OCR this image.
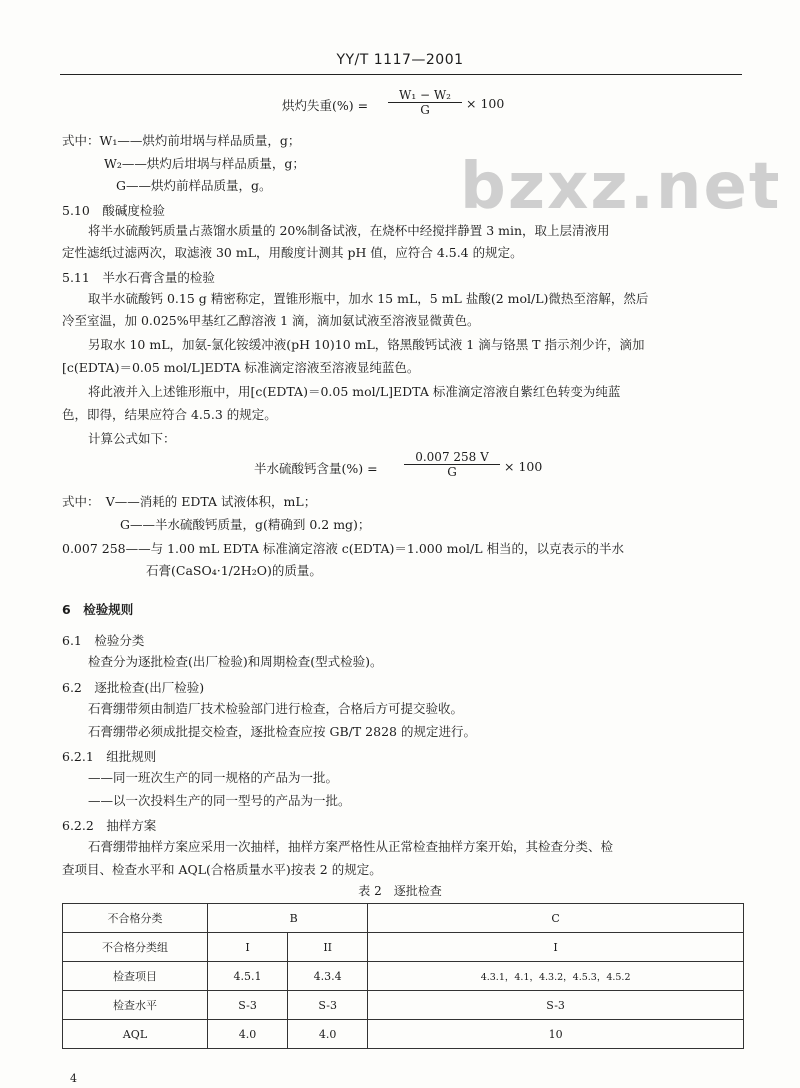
YY/T 1117—2001
bzxz.net
烘灼失重(%) = $\frac{\text{W₁ − W₂}}{G} \times 100$
式中：W₁——烘灼前坩埚与样品质量，g；
W₂——烘灼后坩埚与样品质量，g；
G——烘灼前样品质量，g。
5.10　酸碱度检验
将半水硫酸钙质量占蒸馏水质量的 20%制备试液，在烧杯中经搅拌静置 3 min，取上层清液用
定性滤纸过滤两次，取滤液 30 mL，用酸度计测其 pH 值，应符合 4.5.4 的规定。
5.11　半水石膏含量的检验
取半水硫酸钙 0.15 g 精密称定，置锥形瓶中，加水 15 mL，5 mL 盐酸(2 mol/L)微热至溶解，然后
冷至室温，加 0.025%甲基红乙醇溶液 1 滴，滴加氨试液至溶液显微黄色。
另取水 10 mL，加氨-氯化铵缓冲液(pH 10)10 mL，铬黑酸钙试液 1 滴与铬黑 T 指示剂少许，滴加
[c(EDTA)＝0.05 mol/L]EDTA 标准滴定溶液至溶液显纯蓝色。
将此液并入上述锥形瓶中，用[c(EDTA)＝0.05 mol/L]EDTA 标准滴定溶液自紫红色转变为纯蓝
色，即得，结果应符合 4.5.3 的规定。
计算公式如下：
半水硫酸钙含量(%) = $\frac{0.007 258 V}{G} \times 100$
式中：　V——消耗的 EDTA 试液体积，mL；
G——半水硫酸钙质量，g(精确到 0.2 mg)；
0.007 258——与 1.00 mL EDTA 标准滴定溶液 c(EDTA)＝1.000 mol/L 相当的，以克表示的半水
石膏(CaSO₄·1/2H₂O)的质量。
6　检验规则
6.1　检验分类
检查分为逐批检查(出厂检验)和周期检查(型式检验)。
6.2　逐批检查(出厂检验)
石膏绷带须由制造厂技术检验部门进行检查，合格后方可提交验收。
石膏绷带必须成批提交检查，逐批检查应按 GB/T 2828 的规定进行。
6.2.1　组批规则
——同一班次生产的同一规格的产品为一批。
——以一次投料生产的同一型号的产品为一批。
6.2.2　抽样方案
石膏绷带抽样方案应采用一次抽样，抽样方案严格性从正常检查抽样方案开始，其检查分类、检
查项目、检查水平和 AQL(合格质量水平)按表 2 的规定。
表 2　逐批检查
不合格分类		B	C
不合格分类组	I	II	I
检查项目	4.5.1	4.3.4	4.3.1，4.1，4.3.2，4.5.3，4.5.2
检查水平	S-3	S-3	S-3
AQL	4.0	4.0	10
4
